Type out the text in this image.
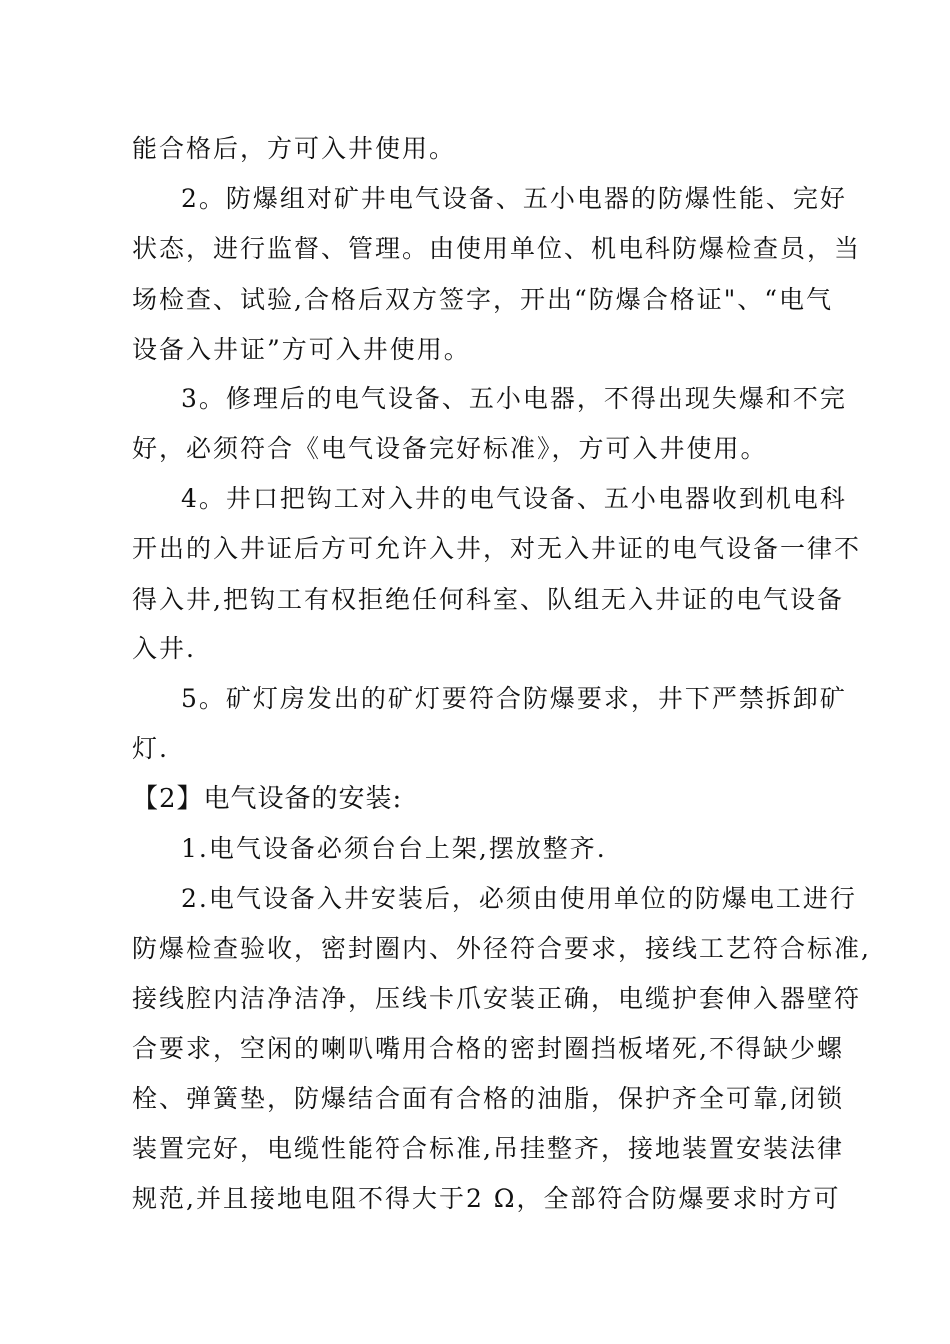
能合格后，方可入井使用。
2。防爆组对矿井电气设备、五小电器的防爆性能、完好
状态，进行监督、管理。由使用单位、机电科防爆检查员，当
场检查、试验,合格后双方签字，开出“防爆合格证"、“电气
设备入井证”方可入井使用。
3。修理后的电气设备、五小电器，不得出现失爆和不完
好，必须符合《电气设备完好标准》，方可入井使用。
4。井口把钩工对入井的电气设备、五小电器收到机电科
开出的入井证后方可允许入井，对无入井证的电气设备一律不
得入井,把钩工有权拒绝任何科室、队组无入井证的电气设备
入井.
5。矿灯房发出的矿灯要符合防爆要求，井下严禁拆卸矿
灯.
【2】电气设备的安装:
1.电气设备必须台台上架,摆放整齐.
2.电气设备入井安装后，必须由使用单位的防爆电工进行
防爆检查验收，密封圈内、外径符合要求，接线工艺符合标准,
接线腔内洁净洁净，压线卡爪安装正确，电缆护套伸入器壁符
合要求，空闲的喇叭嘴用合格的密封圈挡板堵死,不得缺少螺
栓、弹簧垫，防爆结合面有合格的油脂，保护齐全可靠,闭锁
装置完好，电缆性能符合标准,吊挂整齐，接地装置安装法律
规范,并且接地电阻不得大于2 Ω，全部符合防爆要求时方可
